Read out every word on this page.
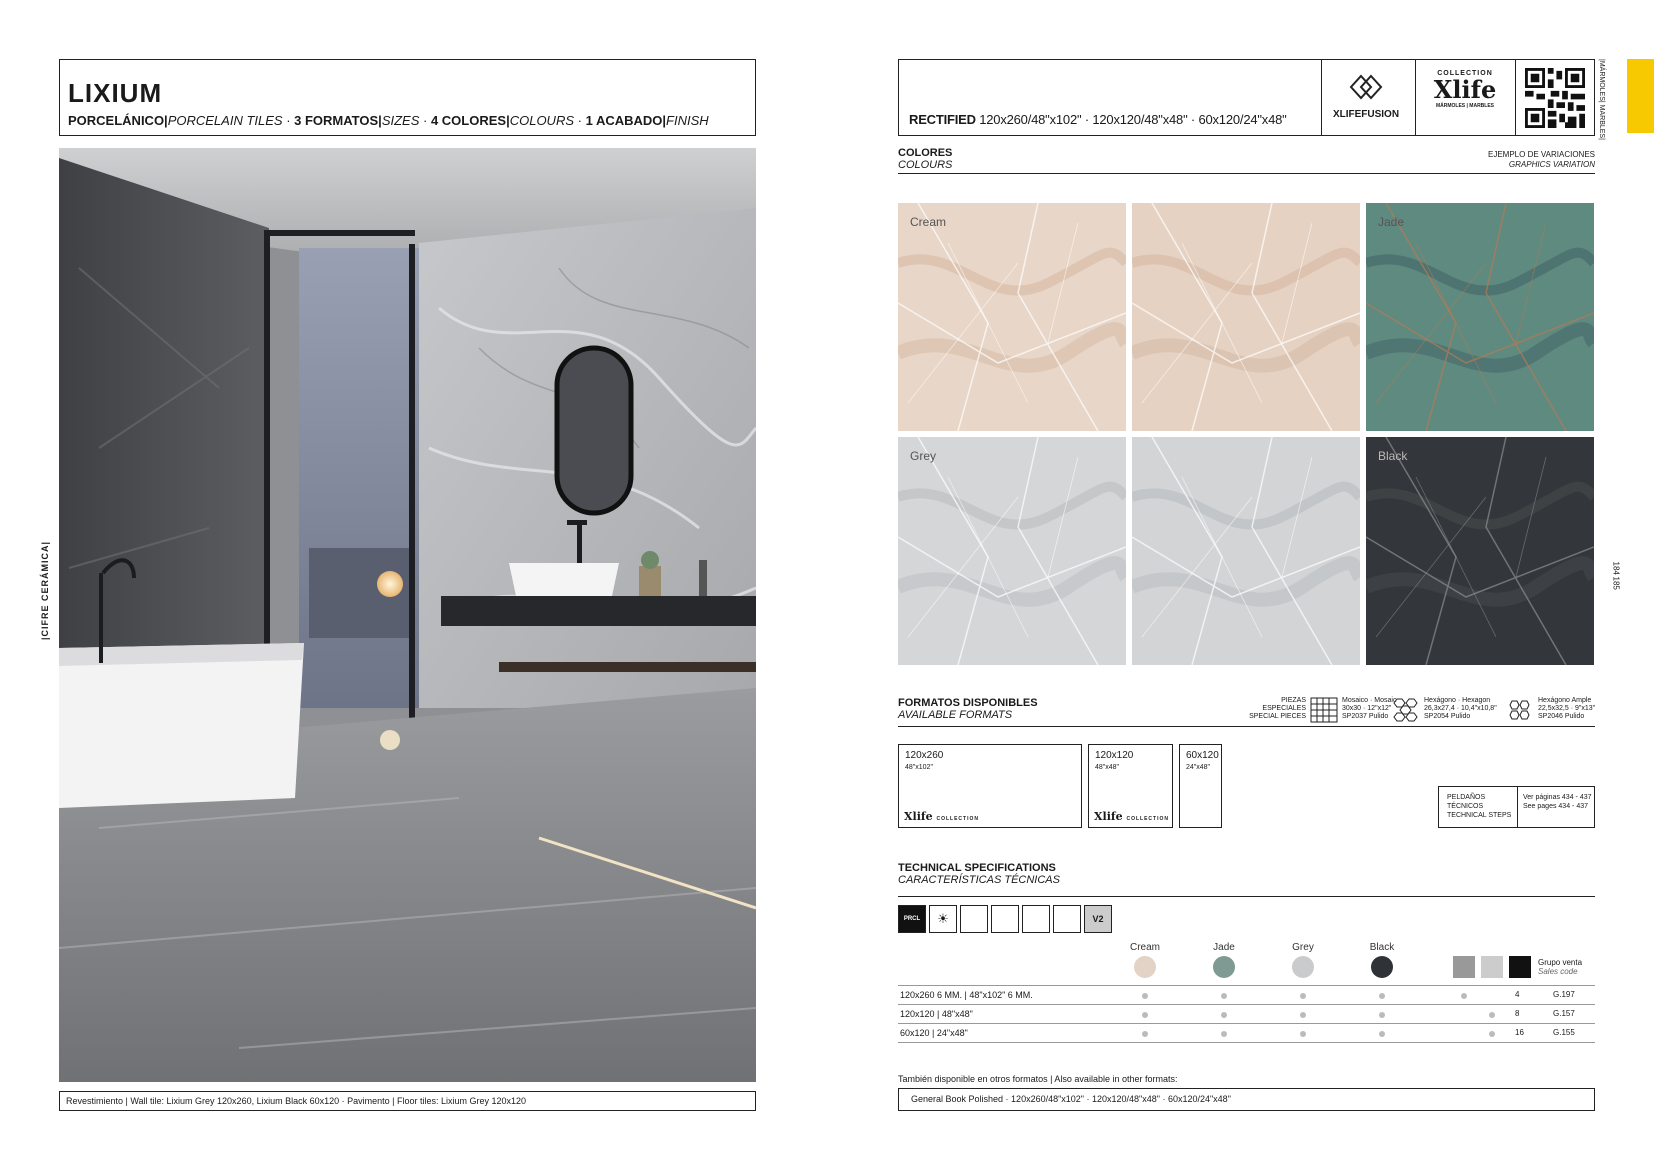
|CIFRE CERÁMICA|
LIXIUM
PORCELÁNICO|PORCELAIN TILES · 3 FORMATOS|SIZES · 4 COLORES|COLOURS · 1 ACABADO|FINISH
Revestimiento | Wall tile: Lixium Grey 120x260, Lixium Black 60x120 · Pavimento | Floor tiles: Lixium Grey 120x120
RECTIFIED 120x260/48"x102" · 120x120/48"x48" · 60x120/24"x48"	XLIFEFUSION
COLLECTION
Xlife
MÁRMOLES | MARBLES	|MÁRMOLES| MARBLES|
184
185
COLORES
COLOURS
EJEMPLO DE VARIACIONES
GRAPHICS VARIATION
Cream	Jade
Grey	Black
FORMATOS DISPONIBLES
AVAILABLE FORMATS
PIEZAS
ESPECIALES
SPECIAL PIECES
Mosaico · Mosaic
30x30 · 12"x12"
SP2037 Pulido
Hexágono · Hexagon
26,3x27,4 · 10,4"x10,8"
SP2054 Pulido
Hexágono Ample
22,5x32,5 · 9"x13"
SP2046 Pulido
120x260
48"x102"
Xlife COLLECTION
120x120
48"x48"
Xlife COLLECTION
60x120
24"x48"
PELDAÑOS
TÉCNICOS
TECHNICAL STEPS
Ver páginas 434 - 437
See pages 434 - 437
TECHNICAL SPECIFICATIONS
CARACTERÍSTICAS TÉCNICAS
PRCL	☀	V2
Cream	Jade	Grey	Black
Grupo venta
Sales code
120x260 6 MM. | 48"x102" 6 MM.	4	G.197
120x120 | 48"x48"	8	G.157
60x120 | 24"x48"	16	G.155
También disponible en otros formatos | Also available in other formats:
General Book Polished · 120x260/48"x102" · 120x120/48"x48" · 60x120/24"x48"
